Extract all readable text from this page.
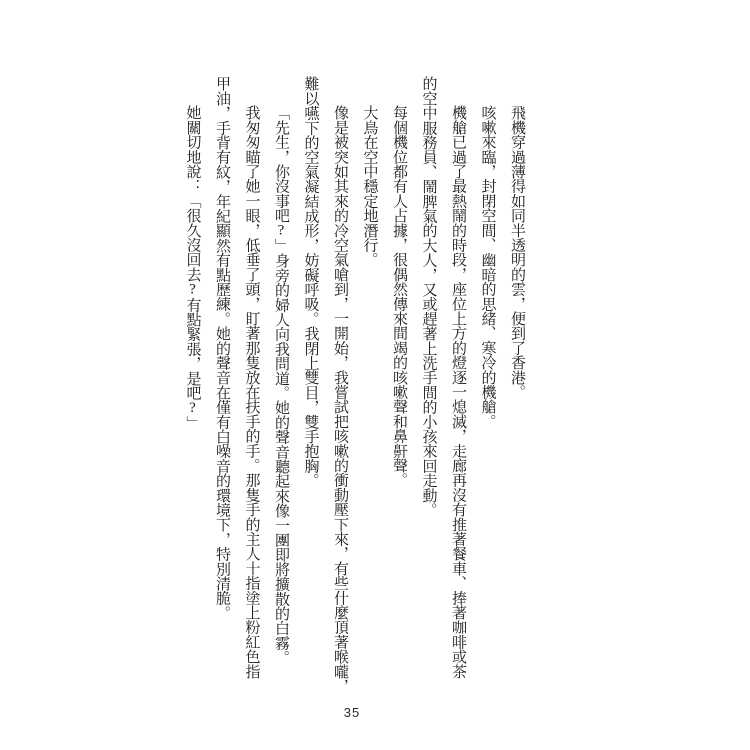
飛機穿過薄得如同半透明的雲，便到了香港。
咳嗽來臨，封閉空間、幽暗的思緒、寒冷的機艙。
機艙已過了最熱鬧的時段，座位上方的燈逐一熄滅，走廊再沒有推著餐車、捧著咖啡或茶
的空中服務員、鬧脾氣的大人，又或趕著上洗手間的小孩來回走動。
每個機位都有人占據，很偶然傳來間竭的咳嗽聲和鼻鼾聲。
大鳥在空中穩定地潛行。
像是被突如其來的冷空氣嗆到，一開始，我嘗試把咳嗽的衝動壓下來，有些什麼頂著喉嚨，
難以嚥下的空氣凝結成形，妨礙呼吸。我閉上雙目，雙手抱胸。
「先生，你沒事吧?」身旁的婦人向我問道。她的聲音聽起來像一團即將擴散的白霧。
我匆匆瞄了她一眼，低垂了頭，盯著那隻放在扶手的手。那隻手的主人十指塗上粉紅色指
甲油，手背有紋，年紀顯然有點歷練。她的聲音在僅有白噪音的環境下，特別清脆。
她關切地說：「很久沒回去?有點緊張，是吧?」
35
